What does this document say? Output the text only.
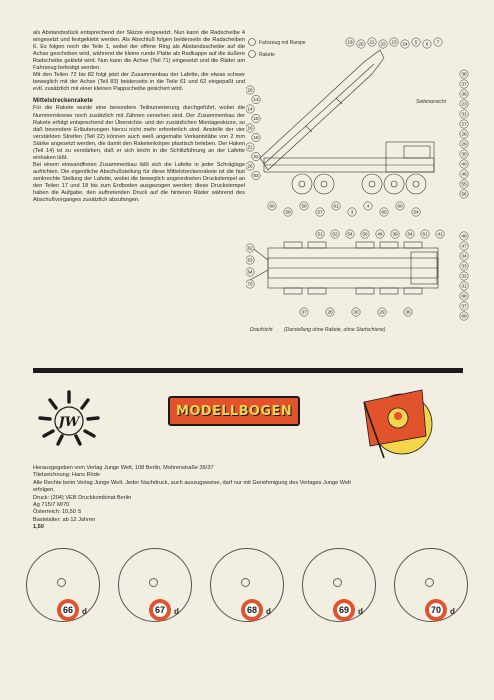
als Abstandsstück entsprechend der Skizze eingesetzt. Nun kann die Radscheibe 4 eingesetzt und festgeklebt werden. Als Abschluß folgen beiderseits die Radscheiben 6. Es folgen noch die Teile 1, wobei der offene Ring als Abstandsscheibe auf die Achse geschoben wird, während die kleine runde Platte als Radkappe auf die äußere Radscheibe geklebt wird. Nun kann die Achse (Teil 71) eingesetzt und die Räder am Fahrzeug befestigt werden.

Mit den Teilen 72 bis 82 folgt jetzt der Zusammenbau der Lafette, die etwas schwer beweglich mit der Achse (Teil 83) beiderseits in die Teile 61 und 62 eingepaßt und evtl. zusätzlich mit einer kleinen Pappscheibe gesichert wird.

Mittelstreckenrakete

Für die Rakete wurde eine besondere Teilnumerierung durchgeführt, wobei die Nummernkreise noch zusätzlich mit Zähnen versehen sind. Der Zusammenbau der Rakete erfolgt entsprechend der Übersichts- und der zusätzlichen Montageskizze, so daß besondere Erläuterungen hierzu nicht mehr erforderlich sind. Anstelle der vier verstärkten Streifen (Teil 22) können auch weiß angemalte Verkantstäbe von 2 mm Stärke angesetzt werden, die damit den Raketenkörper plastisch beleben. Der Haken (Teil 14) ist zu verstärken, daß er sich leicht in die Schlitzführung an der Lafette einhaken läßt.

Bei einem einwandfreien Zusammenbau läßt sich die Lafette in jeder Schräglage aufrichten. Die eigentliche Abschußstellung für diese Mittelstreckenrakete ist die fast senkrechte Stellung der Lafette, wobei die beweglich angeordneten Druckstempel an den Teilen 17 und 18 bis zum Erdboden ausgezogen werden; diese Druckstempel haben die Aufgabe, den auftretenden Druck auf die hinteren Räder während des Abschußvorganges zusätzlich abzufangen.

Fahrzeug mit Rampe
Rakete
Seitenansicht
Draufsicht (Darstellung ohne Rakete, ohne Startschiene)
19 20 21 22 23 24 5 6 7
38
37
36
23
31
27
28
29
30
40
46
55
56
28
13
14
15
16
18
21
22
26
53
60
59
58
57
61
3
4
65
60
54
51 52 54 56 46 39 64 61 41
62
63
64
70
48
47
34
33
32
31
68
37
69
37	28	30	29	36
JW
MODELLBOGEN
Herausgegeben vom Verlag Junge Welt, 108 Berlin, Mohrenstraße 36/37
Titelzeichnung: Hans Röde
Alle Rechte beim Verlag Junge Welt. Jeder Nachdruck, auch auszugsweise, darf nur mit Genehmigung des Verlages Junge Welt
erfolgen.
Druck: (204) VEB Druckkombinat Berlin
Ag 715/7 M/70
Österreich: 10,50 S
Bastelalter: ab 12 Jahren
1,50
66 d	67 d	68 d	69 d	70 d
